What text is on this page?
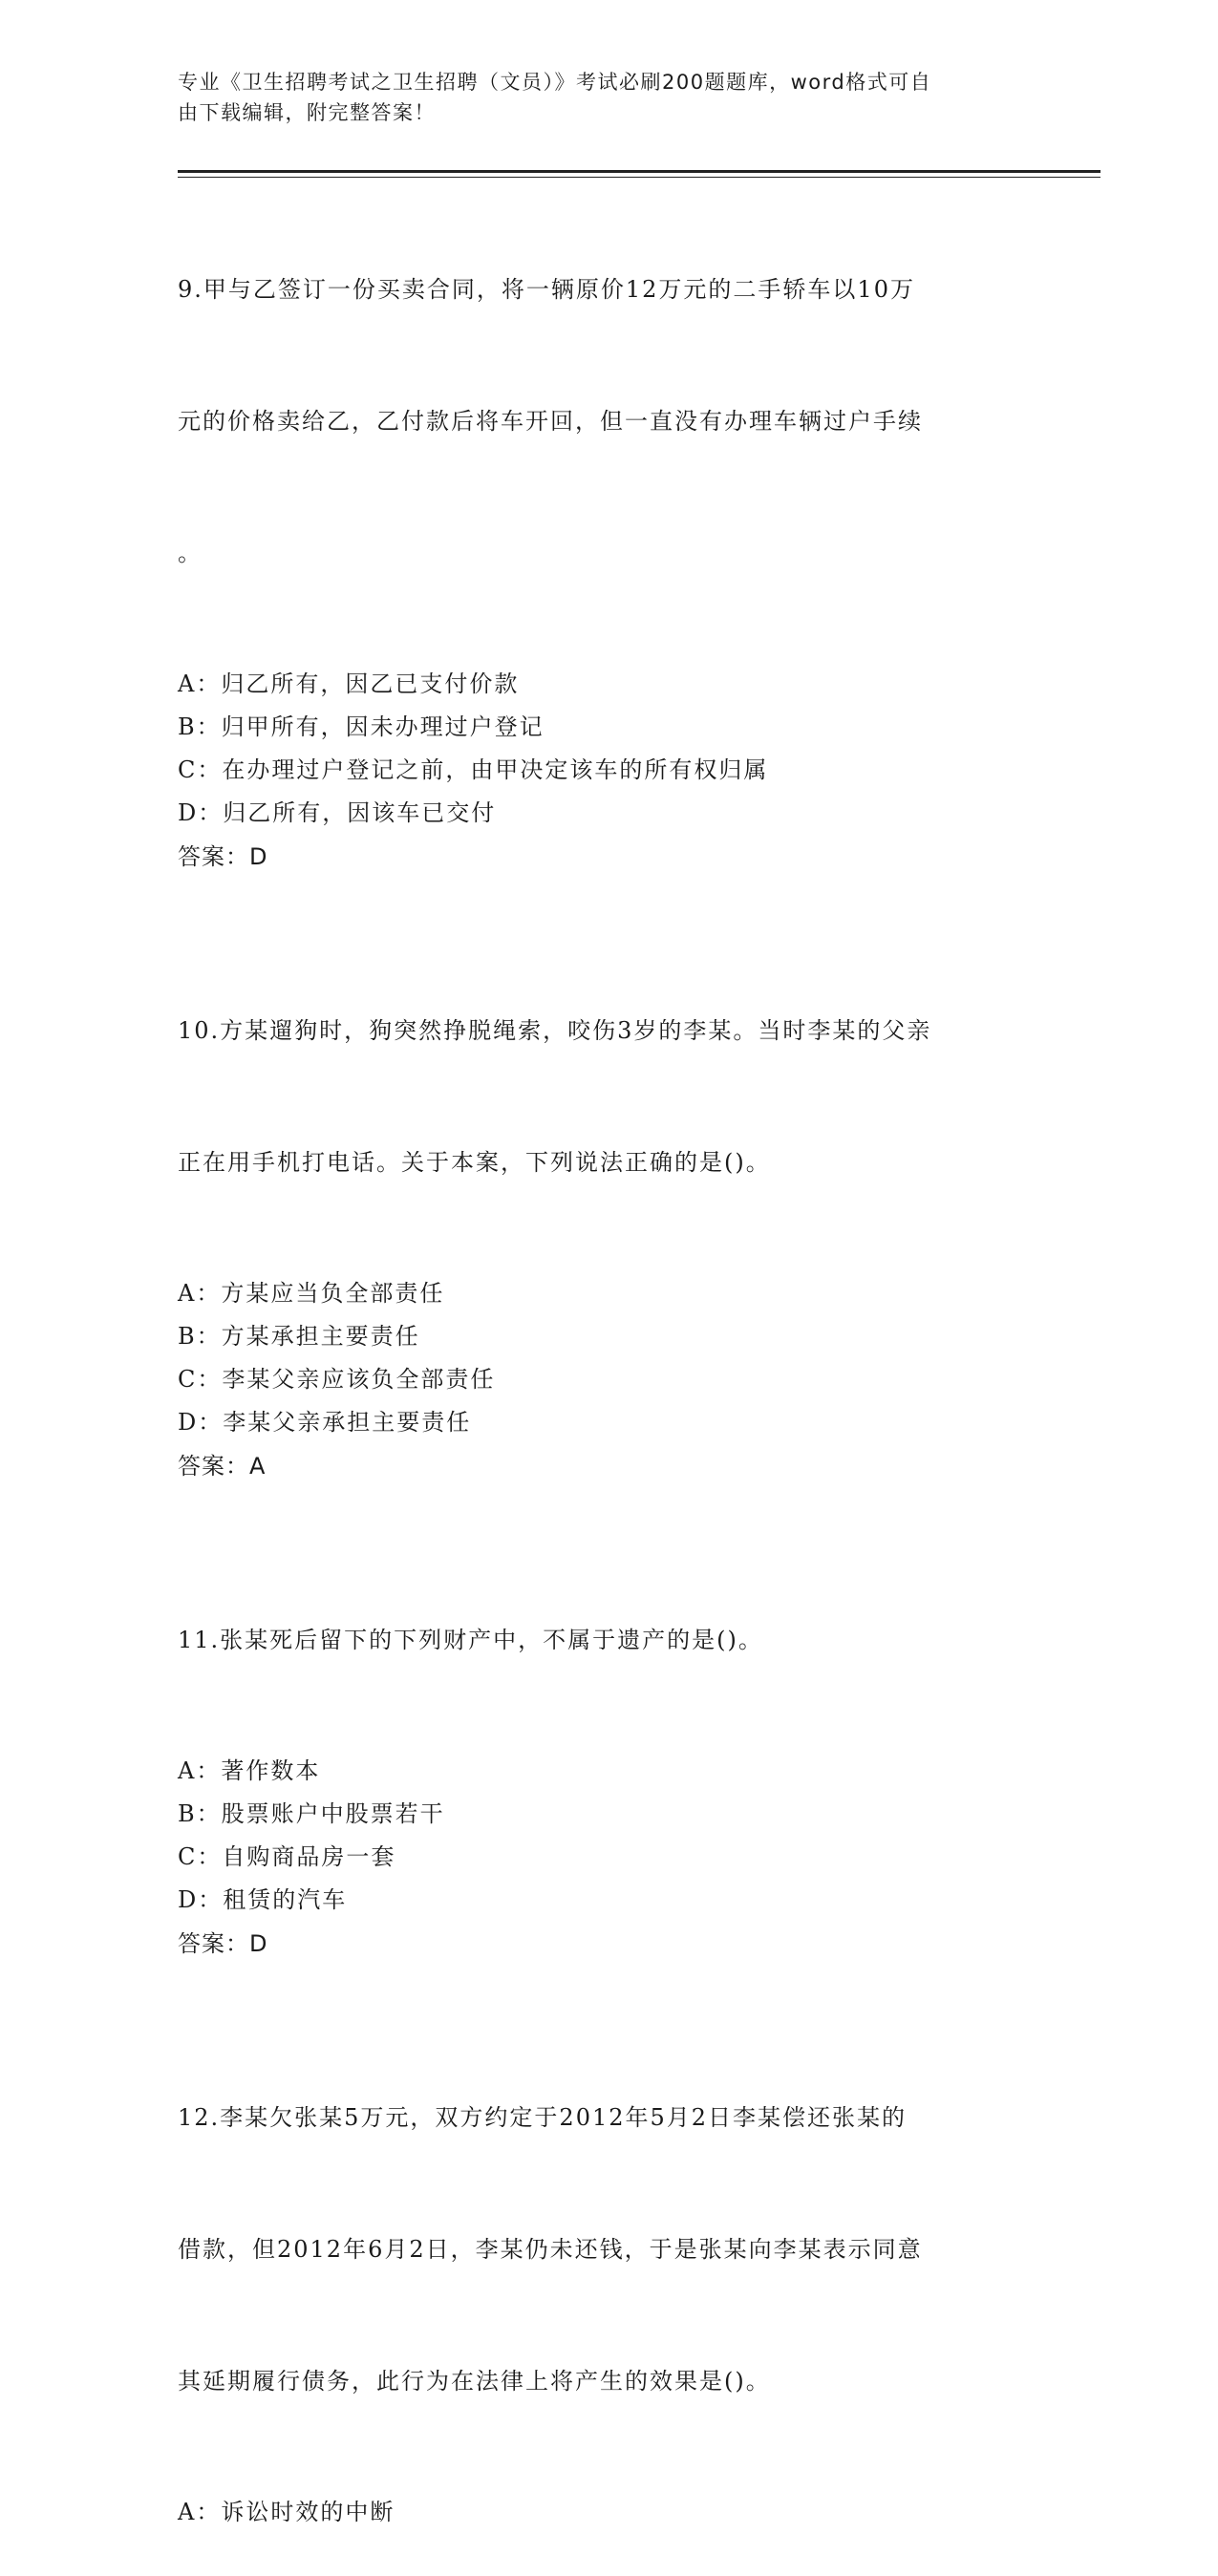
专业《卫生招聘考试之卫生招聘（文员）》考试必刷200题题库，word格式可自
由下载编辑，附完整答案！

9.甲与乙签订一份买卖合同，将一辆原价12万元的二手轿车以10万

元的价格卖给乙，乙付款后将车开回，但一直没有办理车辆过户手续

。

A：归乙所有，因乙已支付价款
B：归甲所有，因未办理过户登记
C：在办理过户登记之前，由甲决定该车的所有权归属
D：归乙所有，因该车已交付
答案：D

10.方某遛狗时，狗突然挣脱绳索，咬伤3岁的李某。当时李某的父亲

正在用手机打电话。关于本案，下列说法正确的是()。

A：方某应当负全部责任
B：方某承担主要责任
C：李某父亲应该负全部责任
D：李某父亲承担主要责任
答案：A

11.张某死后留下的下列财产中，不属于遗产的是()。

A：著作数本
B：股票账户中股票若干
C：自购商品房一套
D：租赁的汽车
答案：D

12.李某欠张某5万元，双方约定于2012年5月2日李某偿还张某的

借款，但2012年6月2日，李某仍未还钱，于是张某向李某表示同意

其延期履行债务，此行为在法律上将产生的效果是()。

A：诉讼时效的中断
